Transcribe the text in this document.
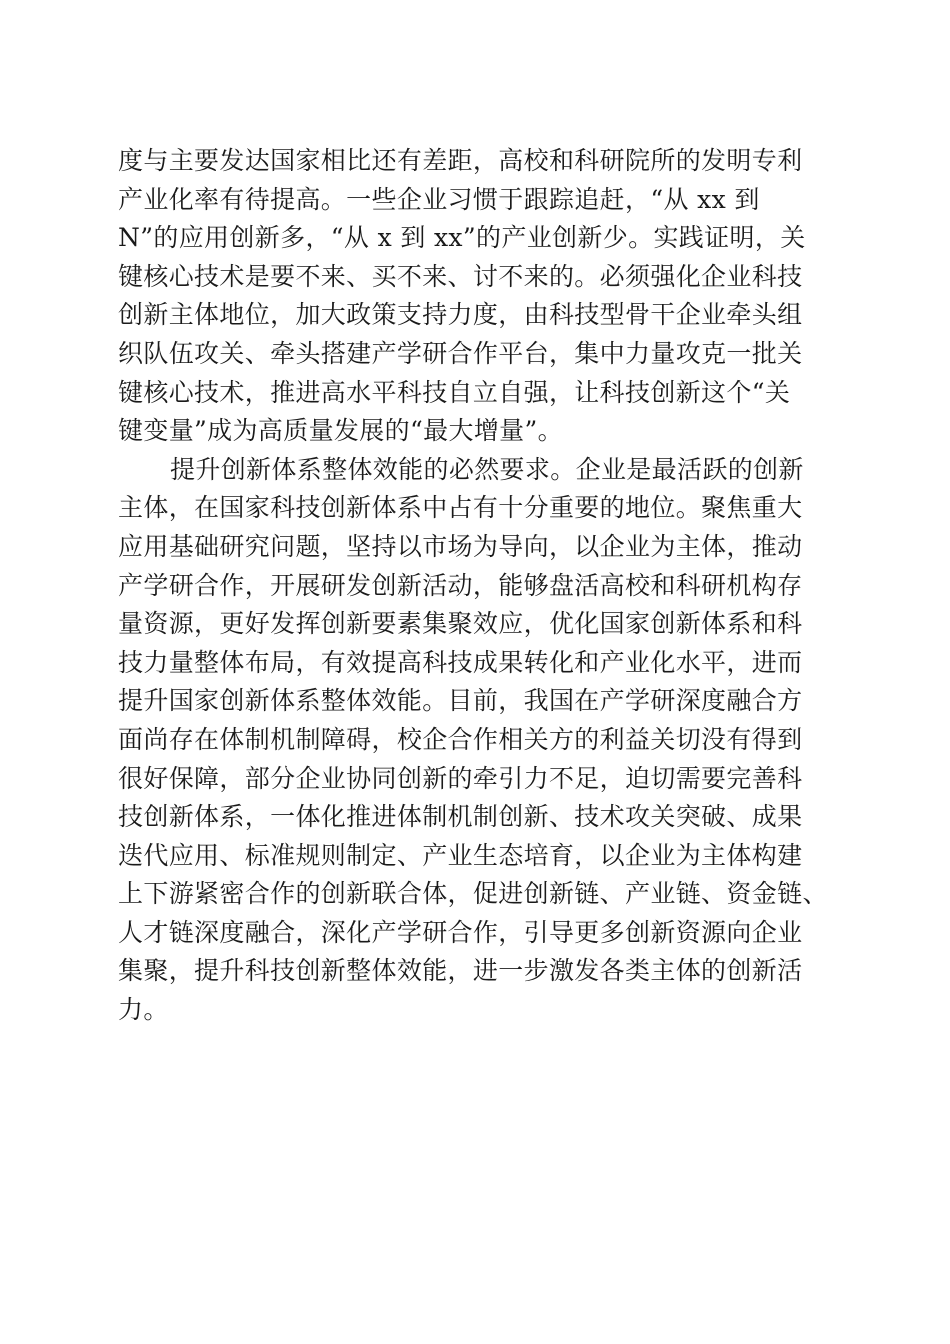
度与主要发达国家相比还有差距，高校和科研院所的发明专利
产业化率有待提高。一些企业习惯于跟踪追赶，“从 xx 到
N”的应用创新多，“从 x 到 xx”的产业创新少。实践证明，关
键核心技术是要不来、买不来、讨不来的。必须强化企业科技
创新主体地位，加大政策支持力度，由科技型骨干企业牵头组
织队伍攻关、牵头搭建产学研合作平台，集中力量攻克一批关
键核心技术，推进高水平科技自立自强，让科技创新这个“关
键变量”成为高质量发展的“最大增量”。
提升创新体系整体效能的必然要求。企业是最活跃的创新
主体，在国家科技创新体系中占有十分重要的地位。聚焦重大
应用基础研究问题，坚持以市场为导向，以企业为主体，推动
产学研合作，开展研发创新活动，能够盘活高校和科研机构存
量资源，更好发挥创新要素集聚效应，优化国家创新体系和科
技力量整体布局，有效提高科技成果转化和产业化水平，进而
提升国家创新体系整体效能。目前，我国在产学研深度融合方
面尚存在体制机制障碍，校企合作相关方的利益关切没有得到
很好保障，部分企业协同创新的牵引力不足，迫切需要完善科
技创新体系，一体化推进体制机制创新、技术攻关突破、成果
迭代应用、标准规则制定、产业生态培育，以企业为主体构建
上下游紧密合作的创新联合体，促进创新链、产业链、资金链、
人才链深度融合，深化产学研合作，引导更多创新资源向企业
集聚，提升科技创新整体效能，进一步激发各类主体的创新活
力。
